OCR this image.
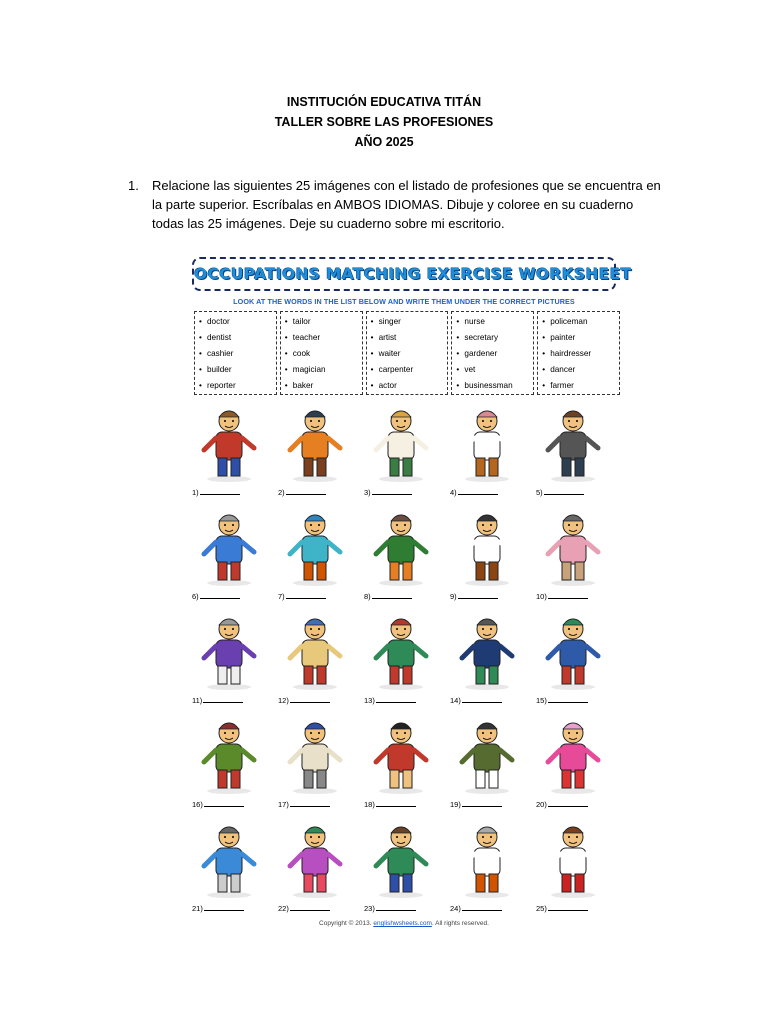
INSTITUCIÓN EDUCATIVA TITÁN
TALLER SOBRE LAS PROFESIONES
AÑO 2025
1. Relacione las siguientes 25 imágenes con el listado de profesiones que se encuentra en la parte superior. Escríbalas en AMBOS IDIOMAS. Dibuje y coloree en su cuaderno todas las 25 imágenes. Deje su cuaderno sobre mi escritorio.
OCCUPATIONS MATCHING EXERCISE WORKSHEET
LOOK AT THE WORDS IN THE LIST BELOW AND WRITE THEM UNDER THE CORRECT PICTURES
• doctor
• dentist
• cashier
• builder
• reporter
• tailor
• teacher
• cook
• magician
• baker
• singer
• artist
• waiter
• carpenter
• actor
• nurse
• secretary
• gardener
• vet
• businessman
• policeman
• painter
• hairdresser
• dancer
• farmer
1)	2)	3)	4)	5)
6)	7)	8)	9)	10)
11)	12)	13)	14)	15)
16)	17)	18)	19)	20)
21)	22)	23)	24)	25)
Copyright © 2013. englishwsheets.com. All rights reserved.
